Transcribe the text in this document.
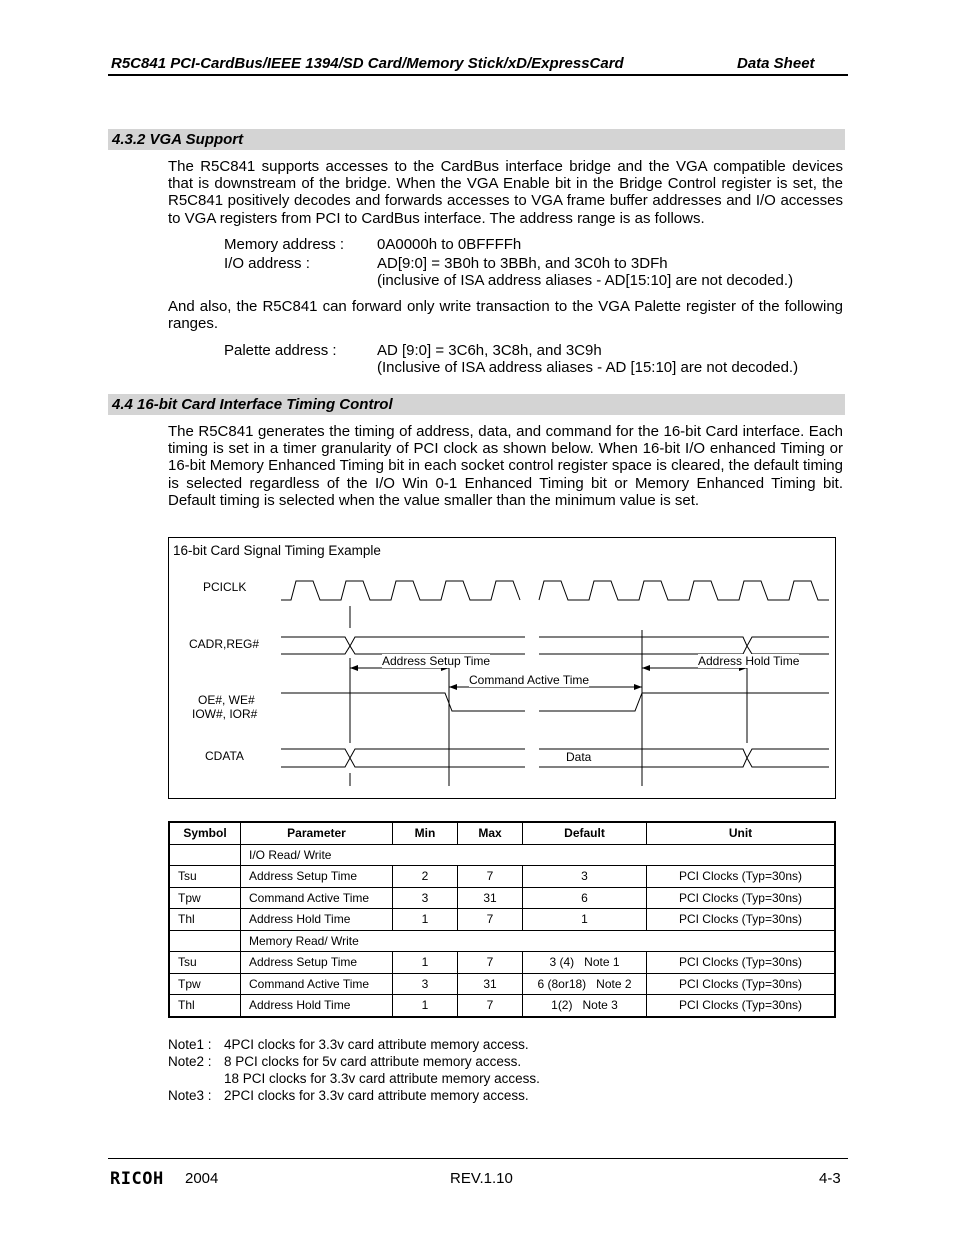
R5C841 PCI-CardBus/IEEE 1394/SD Card/Memory Stick/xD/ExpressCard	Data Sheet
4.3.2 VGA Support
The R5C841 supports accesses to the CardBus interface bridge and the VGA compatible devices that is downstream of the bridge. When the VGA Enable bit in the Bridge Control register is set, the R5C841 positively decodes and forwards accesses to VGA frame buffer addresses and I/O accesses to VGA registers from PCI to CardBus interface. The address range is as follows.
Memory address : 0A0000h to 0BFFFFh
I/O address :	AD[9:0] = 3B0h to 3BBh, and 3C0h to 3DFh
(inclusive of ISA address aliases - AD[15:10] are not decoded.)
And also, the R5C841 can forward only write transaction to the VGA Palette register of the following ranges.
Palette address :	AD [9:0] = 3C6h, 3C8h, and 3C9h
(Inclusive of ISA address aliases - AD [15:10] are not decoded.)
4.4 16-bit Card Interface Timing Control
The R5C841 generates the timing of address, data, and command for the 16-bit Card interface. Each timing is set in a timer granularity of PCI clock as shown below. When 16-bit I/O enhanced Timing or 16-bit Memory Enhanced Timing bit in each socket control register space is cleared, the default timing is selected regardless of the I/O Win 0-1 Enhanced Timing bit or Memory Enhanced Timing bit. Default timing is selected when the value smaller than the minimum value is set.
16-bit Card Signal Timing Example
PCICLK
CADR,REG#
OE#, WE#
IOW#, IOR#
CDATA
Address Setup Time	Address Hold Time
Command Active Time
Data
Symbol	Parameter	Min	Max	Default	Unit
	I/O Read/ Write				
Tsu	Address Setup Time	2	7	3	PCI Clocks (Typ=30ns)
Tpw	Command Active Time	3	31	6	PCI Clocks (Typ=30ns)
Thl	Address Hold Time	1	7	1	PCI Clocks (Typ=30ns)
	Memory Read/ Write				
Tsu	Address Setup Time	1	7	3 (4)   Note 1	PCI Clocks (Typ=30ns)
Tpw	Command Active Time	3	31	6 (8or18)   Note 2	PCI Clocks (Typ=30ns)
Thl	Address Hold Time	1	7	1(2)   Note 3	PCI Clocks (Typ=30ns)
Note1 : 4PCI clocks for 3.3v card attribute memory access.
Note2 : 8 PCI clocks for 5v card attribute memory access.
18 PCI clocks for 3.3v card attribute memory access.
Note3 : 2PCI clocks for 3.3v card attribute memory access.
RICOH 2004	REV.1.10	4-3
